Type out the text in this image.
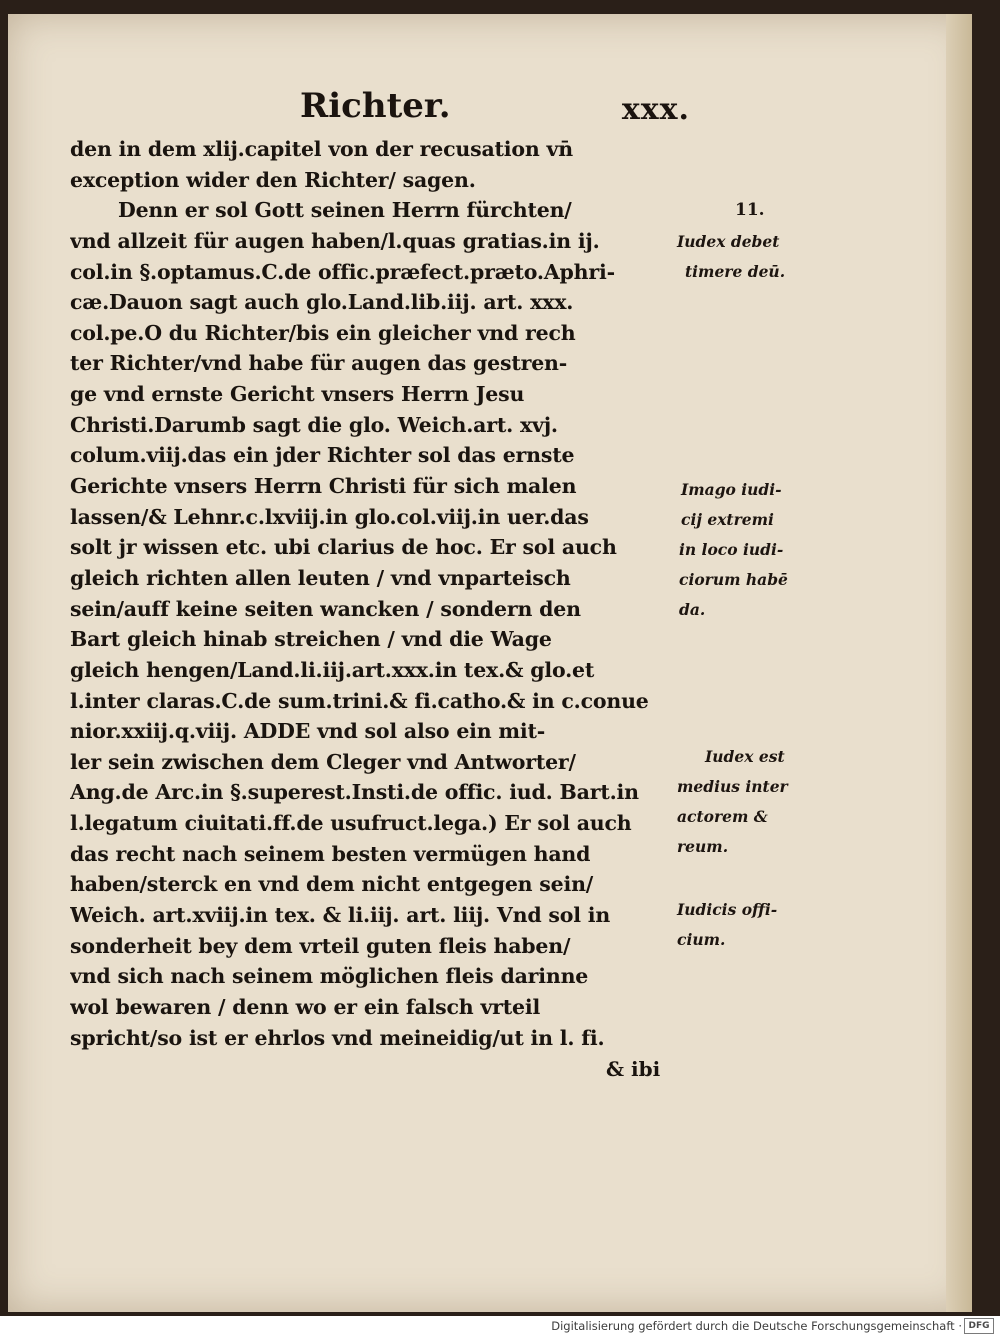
Richter.	xxx.
den in dem xlij.capitel von der recusation vn̄
exception wider den Richter/ sagen.
Denn er sol Gott seinen Herrn fürchten/
vnd allzeit für augen haben/l.quas gratias.in ij.
col.in §.optamus.C.de offic.præfect.præto.Aphri-
cæ.Dauon sagt auch glo.Land.lib.iij. art. xxx.
col.pe.O du Richter/bis ein gleicher vnd rech
ter Richter/vnd habe für augen das gestren-
ge vnd ernste Gericht vnsers Herrn Jesu
Christi.Darumb sagt die glo. Weich.art. xvj.
colum.viij.das ein jder Richter sol das ernste
Gerichte vnsers Herrn Christi für sich malen
lassen/& Lehnr.c.lxviij.in glo.col.viij.in uer.das
solt jr wissen etc. ubi clarius de hoc. Er sol auch
gleich richten allen leuten / vnd vnparteisch
sein/auff keine seiten wancken / sondern den
Bart gleich hinab streichen / vnd die Wage
gleich hengen/Land.li.iij.art.xxx.in tex.& glo.et
l.inter claras.C.de sum.trini.& fi.catho.& in c.conue
nior.xxiij.q.viij. ADDE vnd sol also ein mit-
ler sein zwischen dem Cleger vnd Antworter/
Ang.de Arc.in §.superest.Insti.de offic. iud. Bart.in
l.legatum ciuitati.ff.de usufruct.lega.) Er sol auch
das recht nach seinem besten vermügen hand
haben/sterck en vnd dem nicht entgegen sein/
Weich. art.xviij.in tex. & li.iij. art. liij. Vnd sol in
sonderheit bey dem vrteil guten fleis haben/
vnd sich nach seinem möglichen fleis darinne
wol bewaren / denn wo er ein falsch vrteil
spricht/so ist er ehrlos vnd meineidig/ut in l. fi.
11.
Iudex debet
timere deū.
Imago iudi-
cij extremi
in loco iudi-
ciorum habē
da.
Iudex est
medius inter
actorem &
reum.
Iudicis offi-
cium.
& ibi
Digitalisierung gefördert durch die Deutsche Forschungsgemeinschaft · DFG
